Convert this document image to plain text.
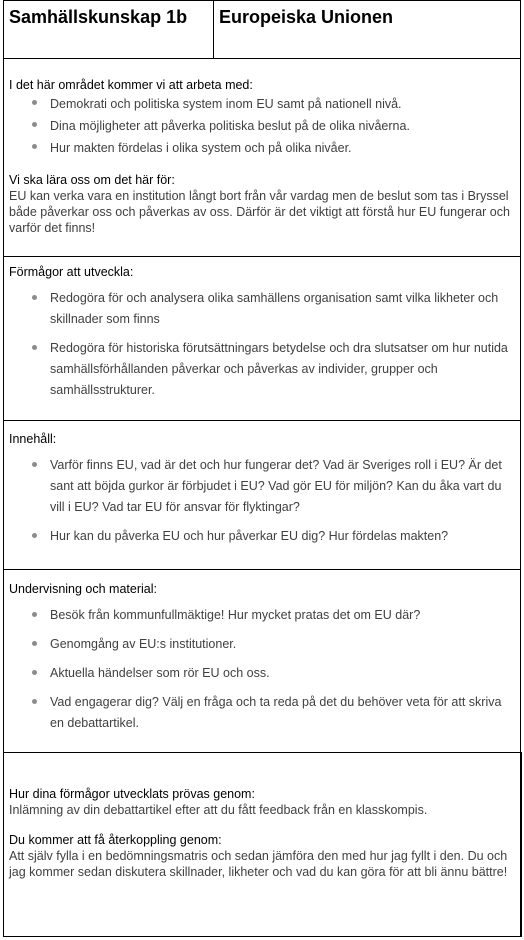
Samhällskunskap 1b	Europeiska Unionen
I det här området kommer vi att arbeta med:
Demokrati och politiska system inom EU samt på nationell nivå.
Dina möjligheter att påverka politiska beslut på de olika nivåerna.
Hur makten fördelas i olika system och på olika nivåer.
Vi ska lära oss om det här för:
EU kan verka vara en institution långt bort från vår vardag men de beslut som tas i Bryssel både påverkar oss och påverkas av oss. Därför är det viktigt att förstå hur EU fungerar och varför det finns!
Förmågor att utveckla:
Redogöra för och analysera olika samhällens organisation samt vilka likheter och skillnader som finns
Redogöra för historiska förutsättningars betydelse och dra slutsatser om hur nutida samhällsförhållanden påverkar och påverkas av individer, grupper och samhällsstrukturer.
Innehåll:
Varför finns EU, vad är det och hur fungerar det? Vad är Sveriges roll i EU? Är det sant att böjda gurkor är förbjudet i EU? Vad gör EU för miljön? Kan du åka vart du vill i EU? Vad tar EU för ansvar för flyktingar?
Hur kan du påverka EU och hur påverkar EU dig? Hur fördelas makten?
Undervisning och material:
Besök från kommunfullmäktige! Hur mycket pratas det om EU där?
Genomgång av EU:s institutioner.
Aktuella händelser som rör EU och oss.
Vad engagerar dig? Välj en fråga och ta reda på det du behöver veta för att skriva en debattartikel.
Hur dina förmågor utvecklats prövas genom:
Inlämning av din debattartikel efter att du fått feedback från en klasskompis.
Du kommer att få återkoppling genom:
Att själv fylla i en bedömningsmatris och sedan jämföra den med hur jag fyllt i den. Du och jag kommer sedan diskutera skillnader, likheter och vad du kan göra för att bli ännu bättre!
